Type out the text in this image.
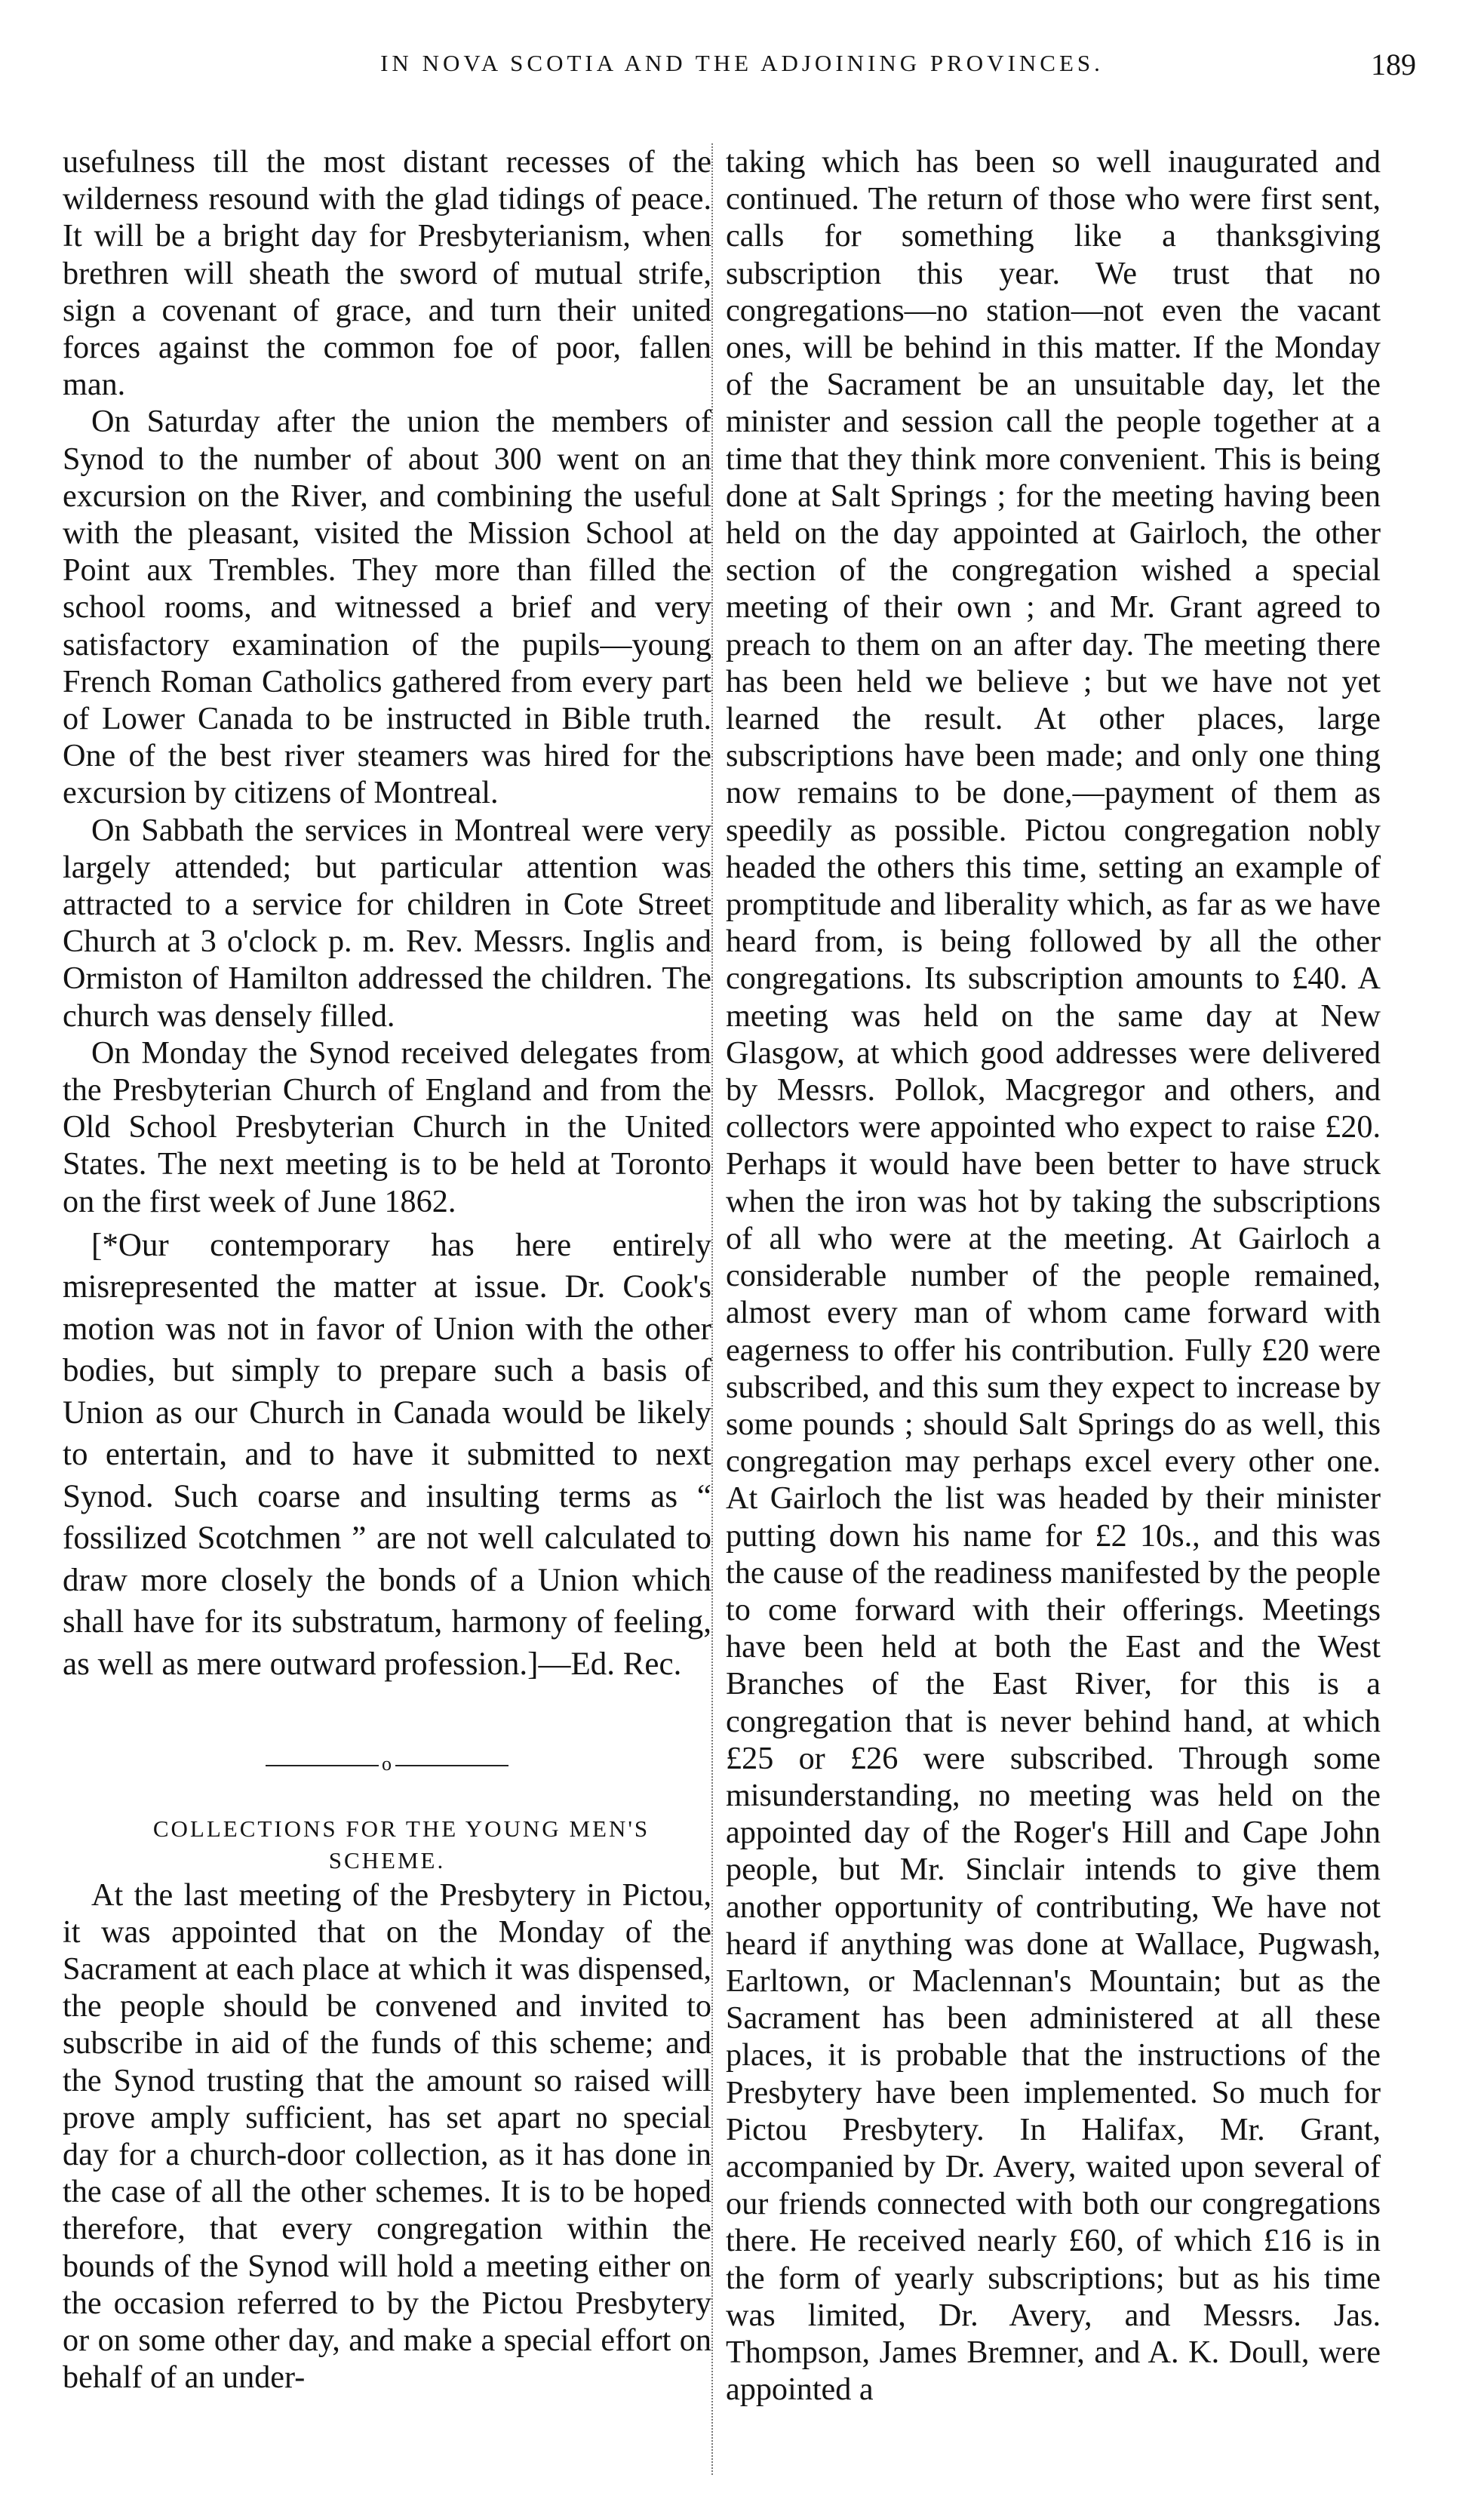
IN NOVA SCOTIA AND THE ADJOINING PROVINCES.	189

usefulness till the most distant recesses of the wilderness resound with the glad tidings of peace. It will be a bright day for Presbyterianism, when brethren will sheath the sword of mutual strife, sign a covenant of grace, and turn their united forces against the common foe of poor, fallen man.

On Saturday after the union the members of Synod to the number of about 300 went on an excursion on the River, and combining the useful with the pleasant, visited the Mission School at Point aux Trembles. They more than filled the school rooms, and witnessed a brief and very satisfactory examination of the pupils—young French Roman Catholics gathered from every part of Lower Canada to be instructed in Bible truth. One of the best river steamers was hired for the excursion by citizens of Montreal.

On Sabbath the services in Montreal were very largely attended; but particular attention was attracted to a service for children in Cote Street Church at 3 o'clock p. m. Rev. Messrs. Inglis and Ormiston of Hamilton addressed the children. The church was densely filled.

On Monday the Synod received delegates from the Presbyterian Church of England and from the Old School Presbyterian Church in the United States. The next meeting is to be held at Toronto on the first week of June 1862.

[*Our contemporary has here entirely misrepresented the matter at issue. Dr. Cook's motion was not in favor of Union with the other bodies, but simply to prepare such a basis of Union as our Church in Canada would be likely to entertain, and to have it submitted to next Synod. Such coarse and insulting terms as “ fossilized Scotchmen ” are not well calculated to draw more closely the bonds of a Union which shall have for its substratum, harmony of feeling, as well as mere outward profession.]—Ed. Rec.

o

COLLECTIONS FOR THE YOUNG MEN'S SCHEME.

At the last meeting of the Presbytery in Pictou, it was appointed that on the Monday of the Sacrament at each place at which it was dispensed, the people should be convened and invited to subscribe in aid of the funds of this scheme; and the Synod trusting that the amount so raised will prove amply sufficient, has set apart no special day for a church-door collection, as it has done in the case of all the other schemes. It is to be hoped therefore, that every congregation within the bounds of the Synod will hold a meeting either on the occasion referred to by the Pictou Presbytery or on some other day, and make a special effort on behalf of an under-

taking which has been so well inaugurated and continued. The return of those who were first sent, calls for something like a thanksgiving subscription this year. We trust that no congregations—no station—not even the vacant ones, will be behind in this matter. If the Monday of the Sacrament be an unsuitable day, let the minister and session call the people together at a time that they think more convenient. This is being done at Salt Springs ; for the meeting having been held on the day appointed at Gairloch, the other section of the congregation wished a special meeting of their own ; and Mr. Grant agreed to preach to them on an after day. The meeting there has been held we believe ; but we have not yet learned the result. At other places, large subscriptions have been made; and only one thing now remains to be done,—payment of them as speedily as possible. Pictou congregation nobly headed the others this time, setting an example of promptitude and liberality which, as far as we have heard from, is being followed by all the other congregations. Its subscription amounts to £40. A meeting was held on the same day at New Glasgow, at which good addresses were delivered by Messrs. Pollok, Macgregor and others, and collectors were appointed who expect to raise £20. Perhaps it would have been better to have struck when the iron was hot by taking the subscriptions of all who were at the meeting. At Gairloch a considerable number of the people remained, almost every man of whom came forward with eagerness to offer his contribution. Fully £20 were subscribed, and this sum they expect to increase by some pounds ; should Salt Springs do as well, this congregation may perhaps excel every other one. At Gairloch the list was headed by their minister putting down his name for £2 10s., and this was the cause of the readiness manifested by the people to come forward with their offerings. Meetings have been held at both the East and the West Branches of the East River, for this is a congregation that is never behind hand, at which £25 or £26 were subscribed. Through some misunderstanding, no meeting was held on the appointed day of the Roger's Hill and Cape John people, but Mr. Sinclair intends to give them another opportunity of contributing, We have not heard if anything was done at Wallace, Pugwash, Earltown, or Maclennan's Mountain; but as the Sacrament has been administered at all these places, it is probable that the instructions of the Presbytery have been implemented. So much for Pictou Presbytery. In Halifax, Mr. Grant, accompanied by Dr. Avery, waited upon several of our friends connected with both our congregations there. He received nearly £60, of which £16 is in the form of yearly subscriptions; but as his time was limited, Dr. Avery, and Messrs. Jas. Thompson, James Bremner, and A. K. Doull, were appointed a
